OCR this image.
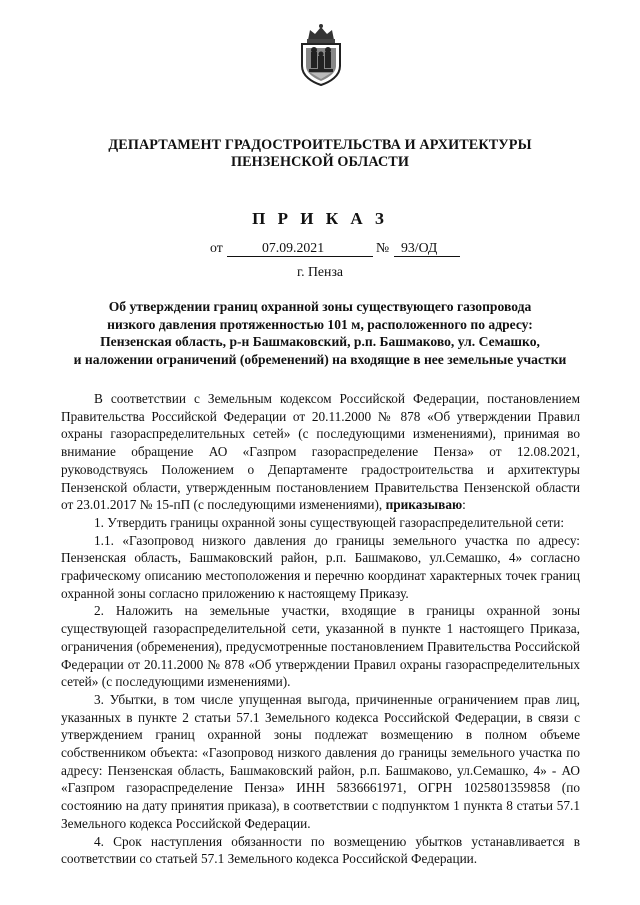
ДЕПАРТАМЕНТ ГРАДОСТРОИТЕЛЬСТВА И АРХИТЕКТУРЫ
ПЕНЗЕНСКОЙ ОБЛАСТИ
П Р И К А З
от	07.09.2021	№ 93/ОД
г. Пенза
Об утверждении границ охранной зоны существующего газопровода
низкого давления протяженностью 101 м, расположенного по адресу:
Пензенская область, р-н Башмаковский, р.п. Башмаково, ул. Семашко,
и наложении ограничений (обременений) на входящие в нее земельные участки

В соответствии с Земельным кодексом Российской Федерации, постановлением Правительства Российской Федерации от 20.11.2000 № 878 «Об утверждении Правил охраны газораспределительных сетей» (с последующими изменениями), принимая во внимание обращение АО «Газпром газораспределение Пенза» от 12.08.2021, руководствуясь Положением о Департаменте градостроительства и архитектуры Пензенской области, утвержденным постановлением Правительства Пензенской области от 23.01.2017 № 15-пП (с последующими изменениями), приказываю:

1. Утвердить границы охранной зоны существующей газораспределительной сети:

1.1. «Газопровод низкого давления до границы земельного участка по адресу: Пензенская область, Башмаковский район, р.п. Башмаково, ул.Семашко, 4» согласно графическому описанию местоположения и перечню координат характерных точек границ охранной зоны согласно приложению к настоящему Приказу.

2. Наложить на земельные участки, входящие в границы охранной зоны существующей газораспределительной сети, указанной в пункте 1 настоящего Приказа, ограничения (обременения), предусмотренные постановлением Правительства Российской Федерации от 20.11.2000 № 878 «Об утверждении Правил охраны газораспределительных сетей» (с последующими изменениями).

3. Убытки, в том числе упущенная выгода, причиненные ограничением прав лиц, указанных в пункте 2 статьи 57.1 Земельного кодекса Российской Федерации, в связи с утверждением границ охранной зоны подлежат возмещению в полном объеме собственником объекта: «Газопровод низкого давления до границы земельного участка по адресу: Пензенская область, Башмаковский район, р.п. Башмаково, ул.Семашко, 4» - АО «Газпром газораспределение Пенза» ИНН 5836661971, ОГРН 1025801359858 (по состоянию на дату принятия приказа), в соответствии с подпунктом 1 пункта 8 статьи 57.1 Земельного кодекса Российской Федерации.

4. Срок наступления обязанности по возмещению убытков устанавливается в соответствии со статьей 57.1 Земельного кодекса Российской Федерации.
